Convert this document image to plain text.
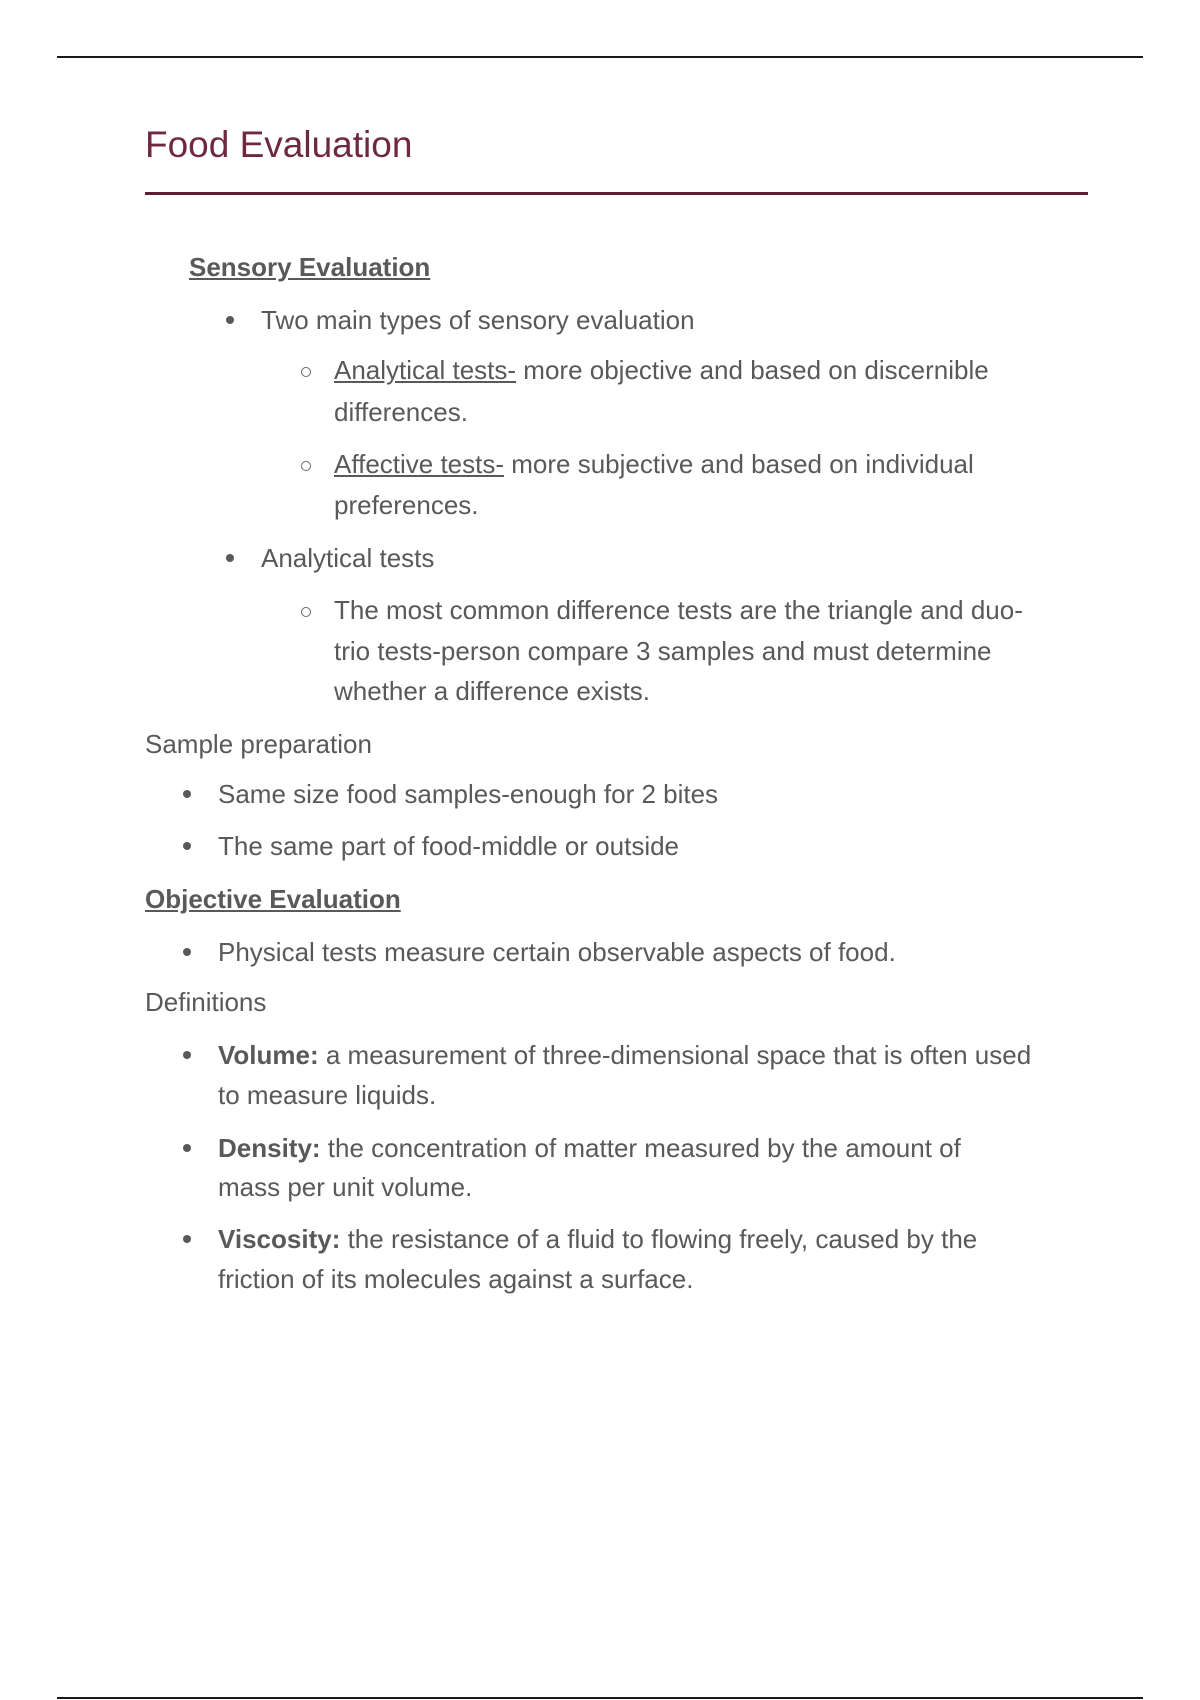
Food Evaluation

Sensory Evaluation

Two main types of sensory evaluation

Analytical tests- more objective and based on discernible

differences.

Affective tests- more subjective and based on individual

preferences.

Analytical tests

The most common difference tests are the triangle and duo-

trio tests-person compare 3 samples and must determine

whether a difference exists.

Sample preparation

Same size food samples-enough for 2 bites

The same part of food-middle or outside

Objective Evaluation

Physical tests measure certain observable aspects of food.

Definitions

Volume: a measurement of three-dimensional space that is often used

to measure liquids.

Density: the concentration of matter measured by the amount of

mass per unit volume.

Viscosity: the resistance of a fluid to flowing freely, caused by the

friction of its molecules against a surface.
